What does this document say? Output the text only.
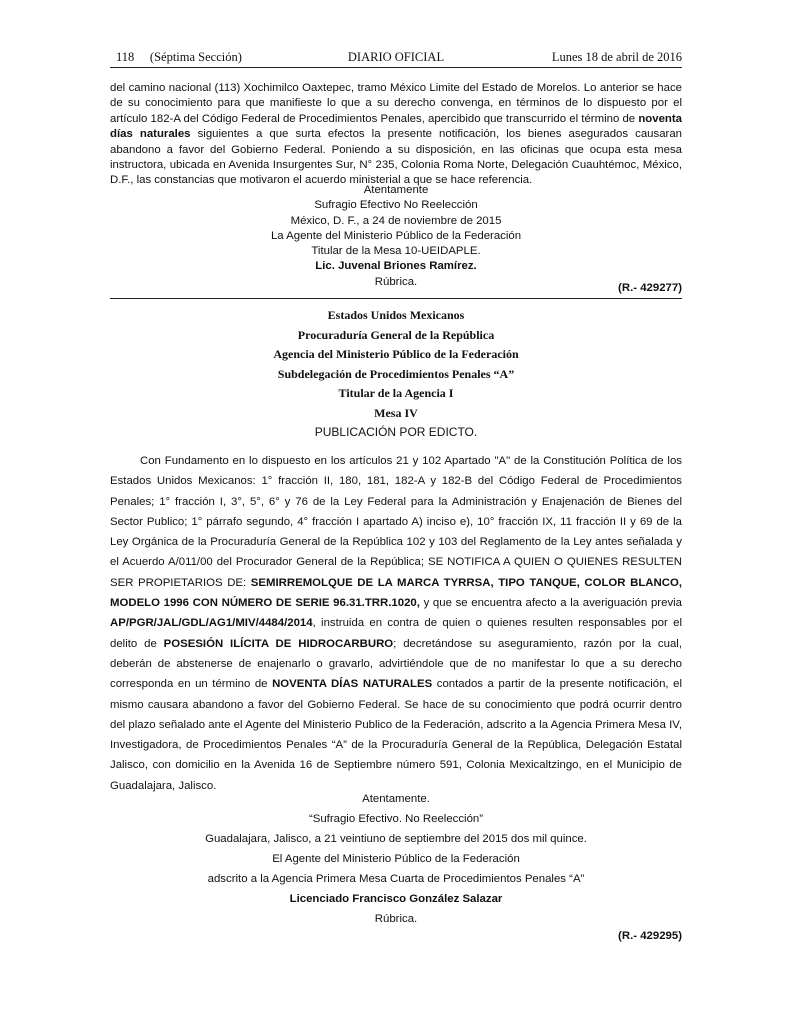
118 (Séptima Sección)	DIARIO OFICIAL	Lunes 18 de abril de 2016

del camino nacional (113) Xochimilco Oaxtepec, tramo México Limite del Estado de Morelos. Lo anterior se hace de su conocimiento para que manifieste lo que a su derecho convenga, en términos de lo dispuesto por el artículo 182-A del Código Federal de Procedimientos Penales, apercibido que transcurrido el término de noventa días naturales siguientes a que surta efectos la presente notificación, los bienes asegurados causaran abandono a favor del Gobierno Federal. Poniendo a su disposición, en las oficinas que ocupa esta mesa instructora, ubicada en Avenida Insurgentes Sur, N° 235, Colonia Roma Norte, Delegación Cuauhtémoc, México, D.F., las constancias que motivaron el acuerdo ministerial a que se hace referencia.

Atentamente
Sufragio Efectivo No Reelección
México, D. F., a 24 de noviembre de 2015
La Agente del Ministerio Público de la Federación
Titular de la Mesa 10-UEIDAPLE.
Lic. Juvenal Briones Ramírez.
Rúbrica.
(R.- 429277)
Estados Unidos Mexicanos
Procuraduría General de la República
Agencia del Ministerio Público de la Federación
Subdelegación de Procedimientos Penales “A”
Titular de la Agencia I
Mesa IV
PUBLICACIÓN POR EDICTO.

Con Fundamento en lo dispuesto en los artículos 21 y 102 Apartado "A" de la Constitución Política de los Estados Unidos Mexicanos: 1° fracción II, 180, 181, 182-A y 182-B del Código Federal de Procedimientos Penales; 1° fracción I, 3°, 5°, 6° y 76 de la Ley Federal para la Administración y Enajenación de Bienes del Sector Publico; 1° párrafo segundo, 4° fracción I apartado A) inciso e), 10° fracción IX, 11 fracción II y 69 de la Ley Orgánica de la Procuraduría General de la República 102 y 103 del Reglamento de la Ley antes señalada y el Acuerdo A/011/00 del Procurador General de la República; SE NOTIFICA A QUIEN O QUIENES RESULTEN SER PROPIETARIOS DE: SEMIRREMOLQUE DE LA MARCA TYRRSA, TIPO TANQUE, COLOR BLANCO, MODELO 1996 CON NÚMERO DE SERIE 96.31.TRR.1020, y que se encuentra afecto a la averiguación previa AP/PGR/JAL/GDL/AG1/MIV/4484/2014, instruida en contra de quien o quienes resulten responsables por el delito de POSESIÓN ILÍCITA DE HIDROCARBURO; decretándose su aseguramiento, razón por la cual, deberán de abstenerse de enajenarlo o gravarlo, advirtiéndole que de no manifestar lo que a su derecho corresponda en un término de NOVENTA DÍAS NATURALES contados a partir de la presente notificación, el mismo causara abandono a favor del Gobierno Federal. Se hace de su conocimiento que podrá ocurrir dentro del plazo señalado ante el Agente del Ministerio Publico de la Federación, adscrito a la Agencia Primera Mesa IV, Investigadora, de Procedimientos Penales “A” de la Procuraduría General de la República, Delegación Estatal Jalisco, con domicilio en la Avenida 16 de Septiembre número 591, Colonia Mexicaltzingo, en el Municipio de Guadalajara, Jalisco.

Atentamente.
“Sufragio Efectivo. No Reelección”
Guadalajara, Jalisco, a 21 veintiuno de septiembre del 2015 dos mil quince.
El Agente del Ministerio Público de la Federación
adscrito a la Agencia Primera Mesa Cuarta de Procedimientos Penales “A”
Licenciado Francisco González Salazar
Rúbrica.
(R.- 429295)
